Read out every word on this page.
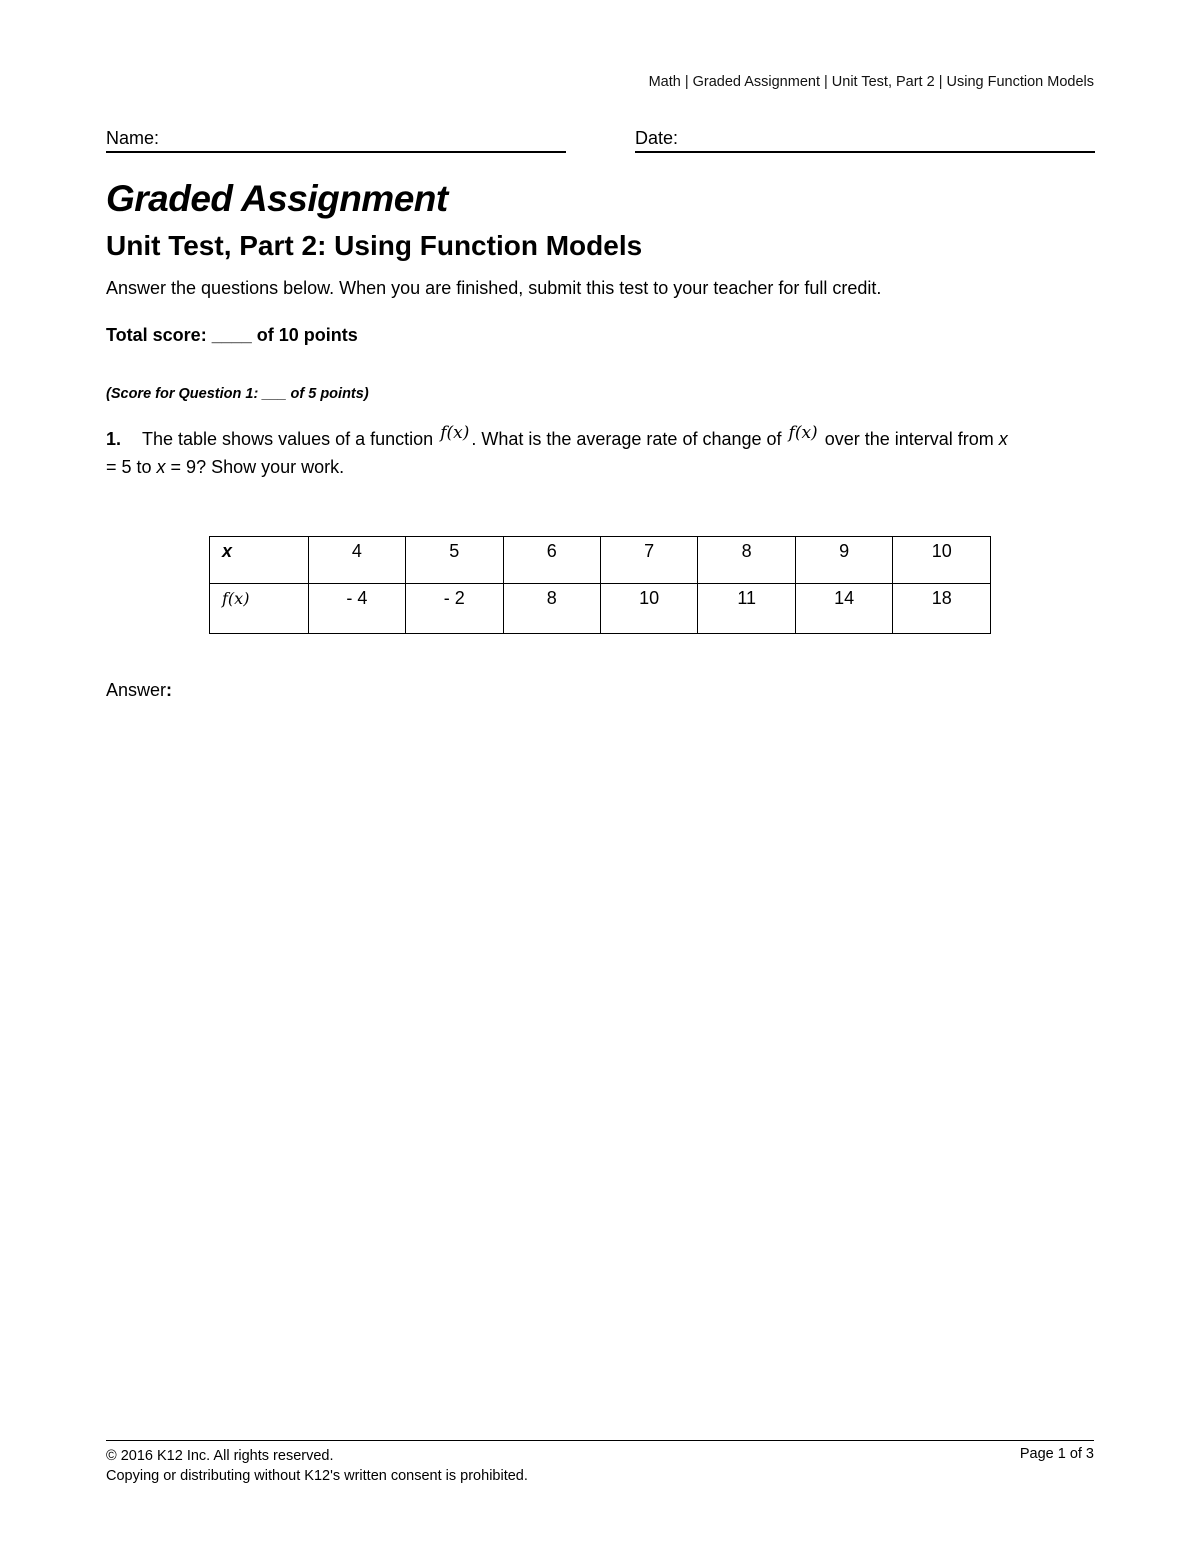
Math | Graded Assignment | Unit Test, Part 2 | Using Function Models
Name:	Date:
Graded Assignment
Unit Test, Part 2: Using Function Models
Answer the questions below. When you are finished, submit this test to your teacher for full credit.
Total score: ____ of 10 points
(Score for Question 1: ___ of 5 points)
1. The table shows values of a function f(x) . What is the average rate of change of f(x) over the interval from x
= 5 to x = 9? Show your work.
x	4	5	6	7	8	9	10
f(x)	- 4	- 2	8	10	11	14	18
Answer:
© 2016 K12 Inc. All rights reserved.
Copying or distributing without K12's written consent is prohibited.
Page 1 of 3
